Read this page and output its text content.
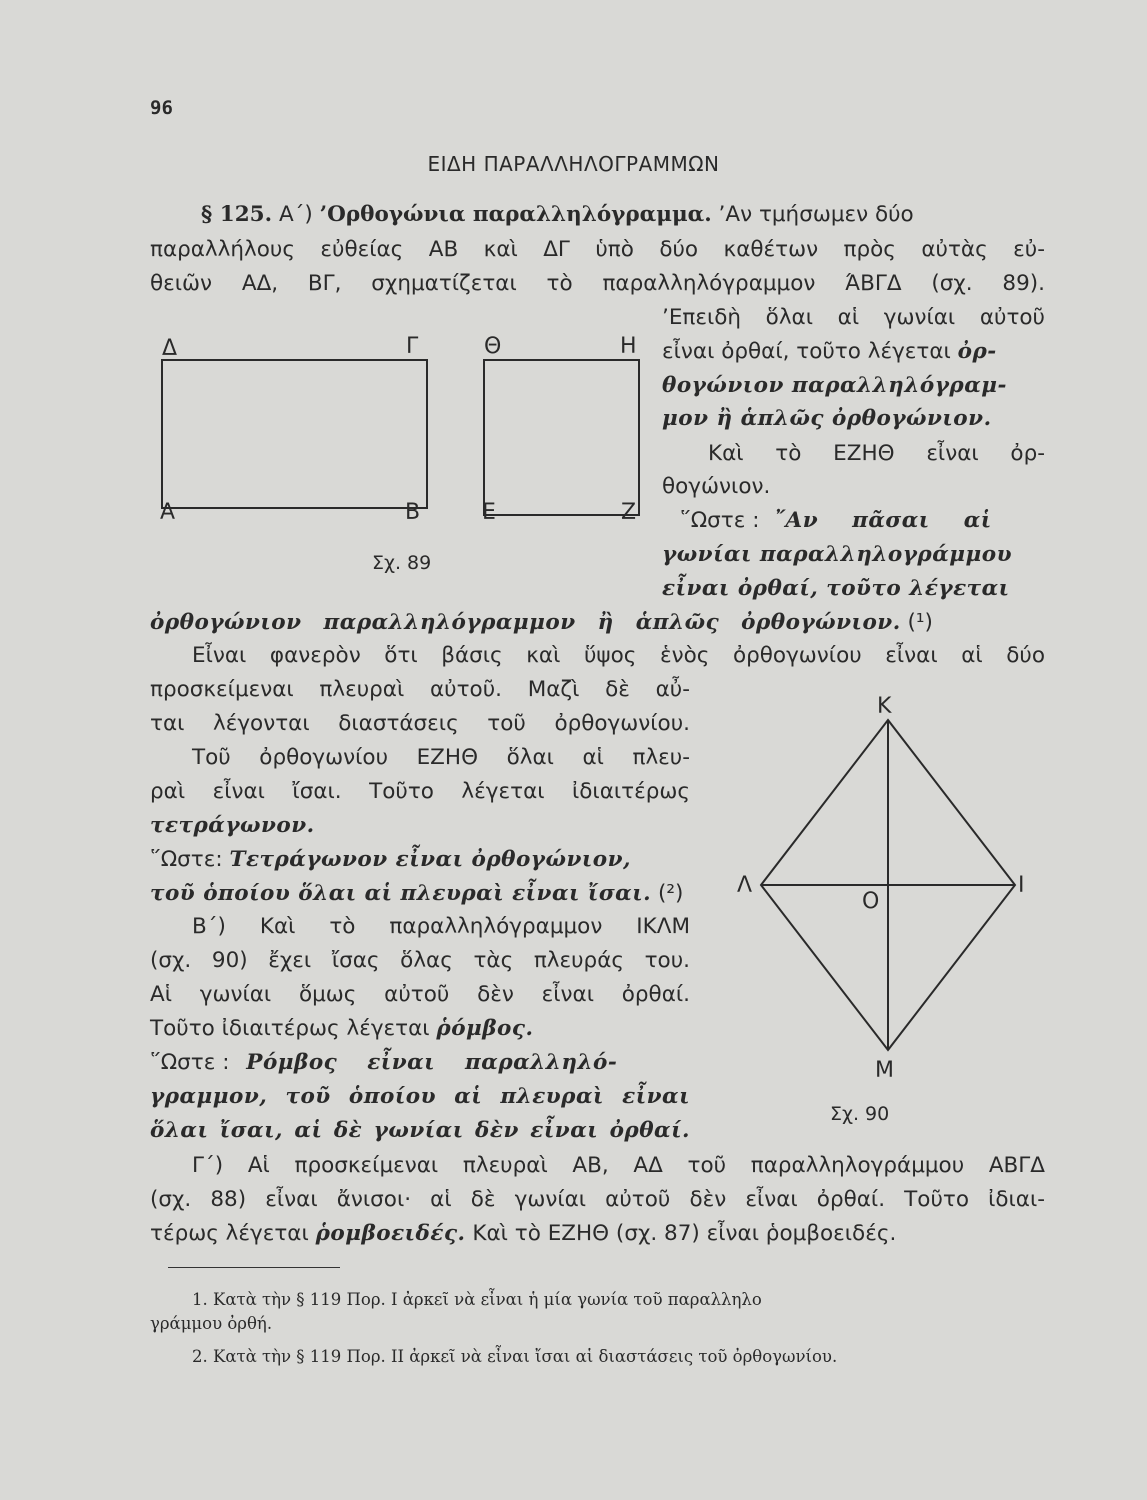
96
ΕΙΔΗ ΠΑΡΑΛΛΗΛΟΓΡΑΜΜΩΝ
§ 125. Α΄) ’Ορθογώνια παραλληλόγραμμα. ’Αν τμήσωμεν δύο
παραλλήλους εὐθείας ΑΒ καὶ ΔΓ ὑπὸ δύο καθέτων πρὸς αὐτὰς εὐ-
θειῶν ΑΔ, ΒΓ, σχηματίζεται τὸ παραλληλόγραμμον ΆΒΓΔ (σχ. 89).
’Επειδὴ ὅλαι αἱ γωνίαι αὐτοῦ
εἶναι ὀρθαί, τοῦτο λέγεται ὀρ-
θογώνιον παραλληλόγραμ-
μον ἢ ἁπλῶς ὀρθογώνιον.
Καὶ τὸ ΕΖΗΘ εἶναι ὀρ-
θογώνιον.
῞Ωστε : ῎Αν πᾶσαι αἱ
γωνίαι παραλληλογράμμου
εἶναι ὀρθαί, τοῦτο λέγεται
ὀρθογώνιον παραλληλόγραμμον ἢ ἁπλῶς ὀρθογώνιον. (¹)
Δ	Γ	Θ	Η
Α	Β	Ε	Ζ
Σχ. 89
Εἶναι φανερὸν ὅτι βάσις καὶ ὕψος ἑνὸς ὀρθογωνίου εἶναι αἱ δύο
προσκείμεναι πλευραὶ αὐτοῦ. Μαζὶ δὲ αὖ-
ται λέγονται διαστάσεις τοῦ ὀρθογωνίου.
Τοῦ ὀρθογωνίου ΕΖΗΘ ὅλαι αἱ πλευ-
ραὶ εἶναι ἴσαι. Τοῦτο λέγεται ἰδιαιτέρως
τετράγωνον.
῞Ωστε: Τετράγωνον εἶναι ὀρθογώνιον,
τοῦ ὁποίου ὅλαι αἱ πλευραὶ εἶναι ἴσαι. (²)
Β΄) Καὶ τὸ παραλληλόγραμμον ΙΚΛΜ
(σχ. 90) ἔχει ἴσας ὅλας τὰς πλευράς του.
Αἱ γωνίαι ὅμως αὐτοῦ δὲν εἶναι ὀρθαί.
Τοῦτο ἰδιαιτέρως λέγεται ῥόμβος.
῞Ωστε : Ρόμβος εἶναι παραλληλό-
γραμμον, τοῦ ὁποίου αἱ πλευραὶ εἶναι
ὅλαι ἴσαι, αἱ δὲ γωνίαι δὲν εἶναι ὀρθαί.
Κ
Λ	Ι
Ο
Μ
Σχ. 90
Γ΄) Αἱ προσκείμεναι πλευραὶ ΑΒ, ΑΔ τοῦ παραλληλογράμμου ΑΒΓΔ
(σχ. 88) εἶναι ἄνισοι· αἱ δὲ γωνίαι αὐτοῦ δὲν εἶναι ὀρθαί. Τοῦτο ἰδιαι-
τέρως λέγεται ῥομβοειδές. Καὶ τὸ ΕΖΗΘ (σχ. 87) εἶναι ῥομβοειδές.
1. Κατὰ τὴν § 119 Πορ. Ι ἀρκεῖ νὰ εἶναι ἡ μία γωνία τοῦ παραλληλο
γράμμου ὀρθή.
2. Κατὰ τὴν § 119 Πορ. ΙΙ ἀρκεῖ νὰ εἶναι ἴσαι αἱ διαστάσεις τοῦ ὀρθογωνίου.
